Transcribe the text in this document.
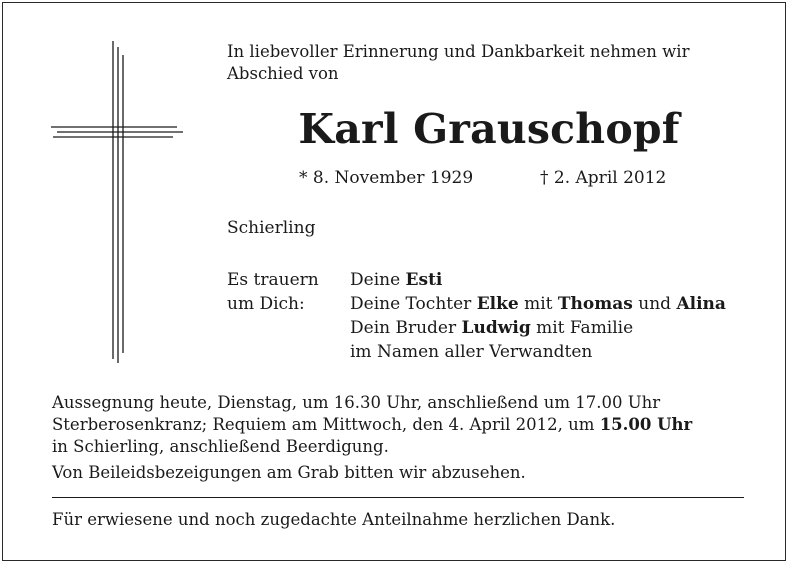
In liebevoller Erinnerung und Dankbarkeit nehmen wir
Abschied von

Karl Grauschopf
* 8. November 1929	† 2. April 2012
Schierling
Es trauern
um Dich:
Deine Esti
Deine Tochter Elke mit Thomas und Alina
Dein Bruder Ludwig mit Familie
im Namen aller Verwandten

Aussegnung heute, Dienstag, um 16.30 Uhr, anschließend um 17.00 Uhr
Sterberosenkranz; Requiem am Mittwoch, den 4. April 2012, um 15.00 Uhr
in Schierling, anschließend Beerdigung.

Von Beileidsbezeigungen am Grab bitten wir abzusehen.

Für erwiesene und noch zugedachte Anteilnahme herzlichen Dank.
